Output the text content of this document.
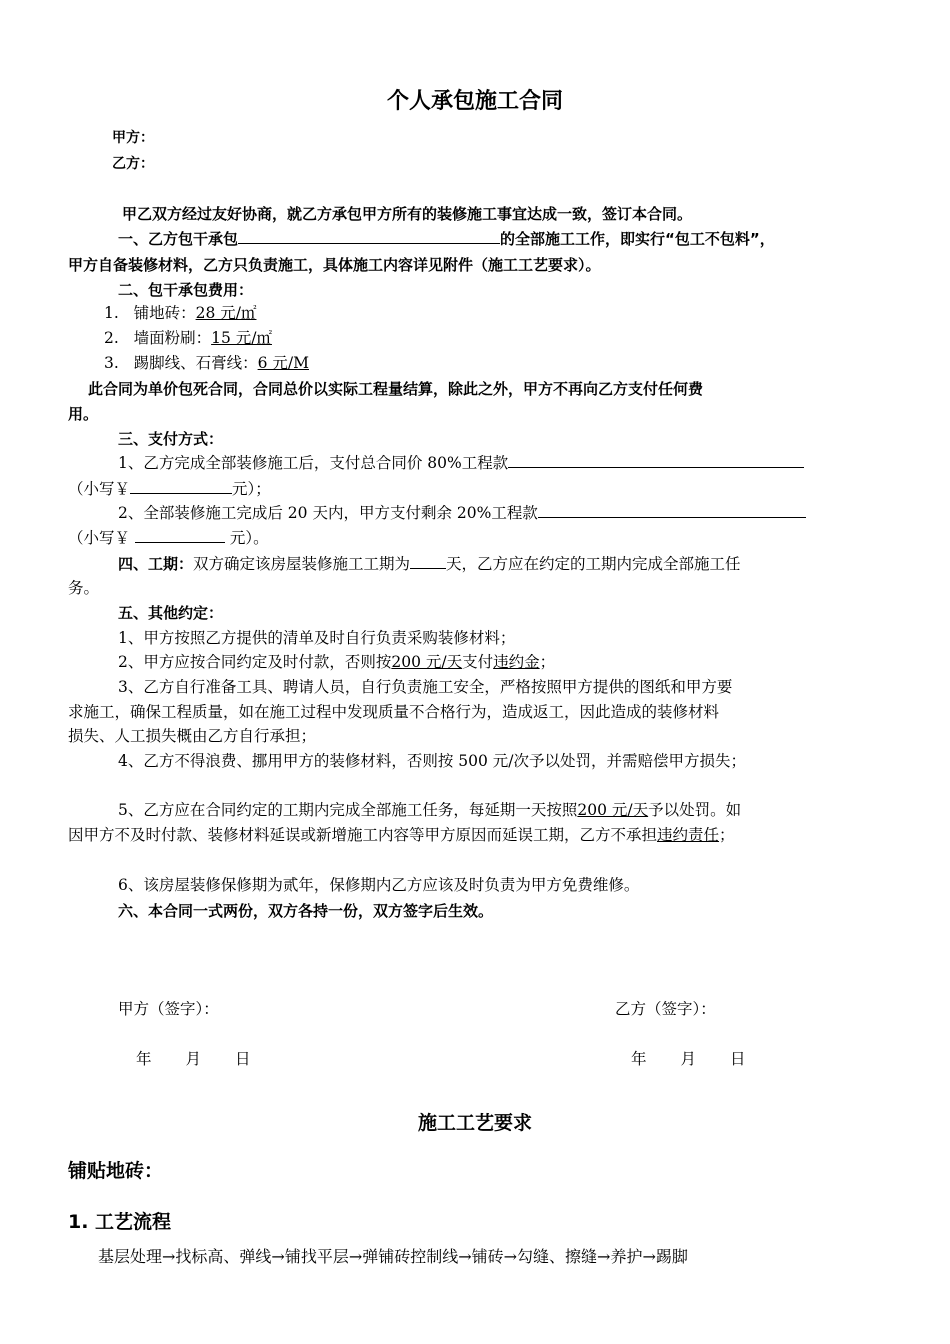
个人承包施工合同
甲方：
乙方：
甲乙双方经过友好协商，就乙方承包甲方所有的装修施工事宜达成一致，签订本合同。
一、乙方包干承包	的全部施工工作，即实行“包工不包料”，
甲方自备装修材料，乙方只负责施工，具体施工内容详见附件（施工工艺要求）。
二、包干承包费用：
1. 铺地砖：28 元/㎡
2. 墙面粉刷：15 元/㎡
3. 踢脚线、石膏线：6 元/M
此合同为单价包死合同，合同总价以实际工程量结算，除此之外，甲方不再向乙方支付任何费
用。
三、支付方式：
1、乙方完成全部装修施工后，支付总合同价 80%工程款
（小写￥	元）；
2、全部装修施工完成后 20 天内，甲方支付剩余 20%工程款
（小写￥	元）。
四、工期：双方确定该房屋装修施工工期为 天，乙方应在约定的工期内完成全部施工任
务。
五、其他约定：
1、甲方按照乙方提供的清单及时自行负责采购装修材料；
2、甲方应按合同约定及时付款，否则按200 元/天支付违约金；
3、乙方自行准备工具、聘请人员，自行负责施工安全，严格按照甲方提供的图纸和甲方要
求施工，确保工程质量，如在施工过程中发现质量不合格行为，造成返工，因此造成的装修材料
损失、人工损失概由乙方自行承担；
4、乙方不得浪费、挪用甲方的装修材料，否则按 500 元/次予以处罚，并需赔偿甲方损失；
5、乙方应在合同约定的工期内完成全部施工任务，每延期一天按照200 元/天予以处罚。如
因甲方不及时付款、装修材料延误或新增施工内容等甲方原因而延误工期，乙方不承担违约责任；
6、该房屋装修保修期为贰年，保修期内乙方应该及时负责为甲方免费维修。
六、本合同一式两份，双方各持一份，双方签字后生效。
甲方（签字）：	乙方（签字）：
年 月 日	年 月 日
施工工艺要求
铺贴地砖：
1. 工艺流程
基层处理→找标高、弹线→铺找平层→弹铺砖控制线→铺砖→勾缝、擦缝→养护→踢脚
